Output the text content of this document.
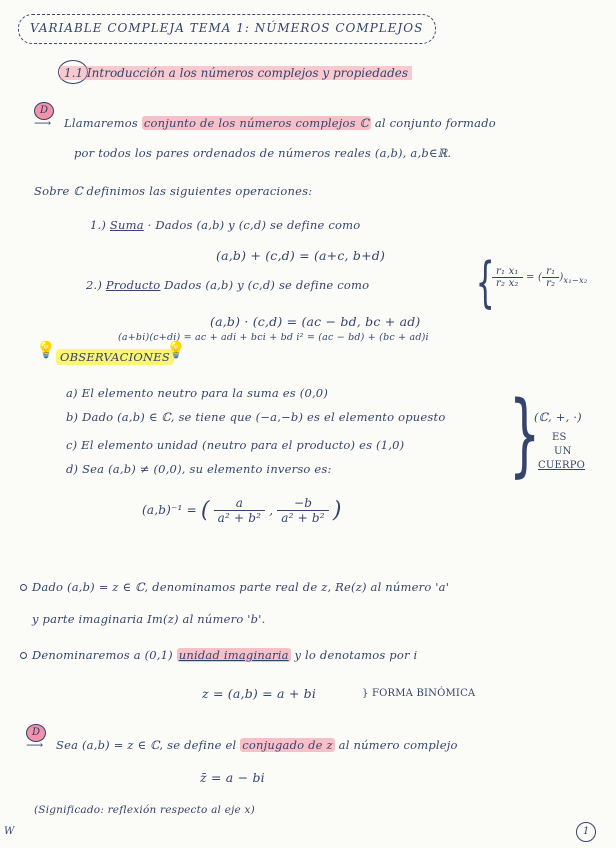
VARIABLE COMPLEJA TEMA 1: NÚMEROS COMPLEJOS
1.1 Introducción a los números complejos y propiedades
D
⟶ Llamaremos conjunto de los números complejos ℂ al conjunto formado
por todos los pares ordenados de números reales (a,b), a,b∈ℝ.
Sobre ℂ definimos las siguientes operaciones:
1.) Suma · Dados (a,b) y (c,d) se define como
(a,b) + (c,d) = (a+c, b+d)
2.) Producto Dados (a,b) y (c,d) se define como
(a,b) · (c,d) = (ac − bd, bc + ad)
(a+bi)(c+di) = ac + adi + bci + bd i² = (ac − bd) + (bc + ad)i
{
$\frac{\text{r₁ x₁}}{\text{r₂ x₂}}$ = ( $\frac{\text{r₁}}{\text{r₂}} )_{x_1-x_2}$
💡 OBSERVACIONES
💡
a) El elemento neutro para la suma es (0,0)
b) Dado (a,b) ∈ ℂ, se tiene que (−a,−b) es el elemento opuesto
c) El elemento unidad (neutro para el producto) es (1,0)
d) Sea (a,b) ≠ (0,0), su elemento inverso es:
(a,b)⁻¹ = ( $\frac{a}{\text{a² + b²}}$ , $\frac{-b}{\text{a² + b²}}$ )
}
(ℂ, +, ·)
ES
UN
CUERPO
Dado (a,b) = z ∈ ℂ, denominamos parte real de z, Re(z) al número 'a'
y parte imaginaria Im(z) al número 'b'.
Denominaremos a (0,1) unidad imaginaria y lo denotamos por i
z = (a,b) = a + bi	} FORMA BINÓMICA
D
⟶ Sea (a,b) = z ∈ ℂ, se define el conjugado de z al número complejo
z̄ = a − bi
(Significado: reflexión respecto al eje x)
W	1
